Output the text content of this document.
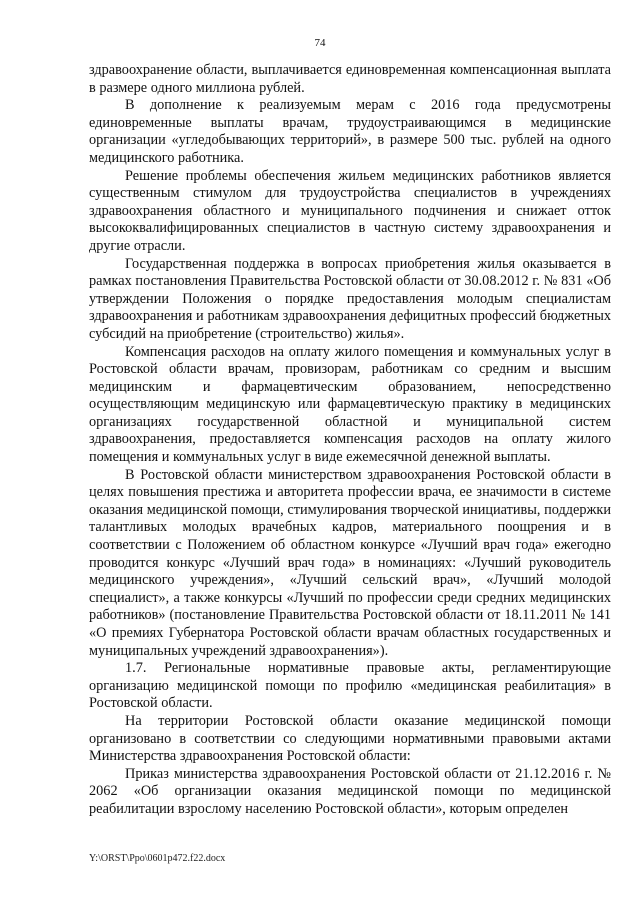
74

здравоохранение области, выплачивается единовременная компенсационная выплата в размере одного миллиона рублей.

В дополнение к реализуемым мерам с 2016 года предусмотрены единовременные выплаты врачам, трудоустраивающимся в медицинские организации «угледобывающих территорий», в размере 500 тыс. рублей на одного медицинского работника.

Решение проблемы обеспечения жильем медицинских работников является существенным стимулом для трудоустройства специалистов в учреждениях здравоохранения областного и муниципального подчинения и снижает отток высококвалифицированных специалистов в частную систему здравоохранения и другие отрасли.

Государственная поддержка в вопросах приобретения жилья оказывается в рамках постановления Правительства Ростовской области от 30.08.2012 г. № 831 «Об утверждении Положения о порядке предоставления молодым специалистам здравоохранения и работникам здравоохранения дефицитных профессий бюджетных субсидий на приобретение (строительство) жилья».

Компенсация расходов на оплату жилого помещения и коммунальных услуг в Ростовской области врачам, провизорам, работникам со средним и высшим медицинским и фармацевтическим образованием, непосредственно осуществляющим медицинскую или фармацевтическую практику в медицинских организациях государственной областной и муниципальной систем здравоохранения, предоставляется компенсация расходов на оплату жилого помещения и коммунальных услуг в виде ежемесячной денежной выплаты.

В Ростовской области министерством здравоохранения Ростовской области в целях повышения престижа и авторитета профессии врача, ее значимости в системе оказания медицинской помощи, стимулирования творческой инициативы, поддержки талантливых молодых врачебных кадров, материального поощрения и в соответствии с Положением об областном конкурсе «Лучший врач года» ежегодно проводится конкурс «Лучший врач года» в номинациях: «Лучший руководитель медицинского учреждения», «Лучший сельский врач», «Лучший молодой специалист», а также конкурсы «Лучший по профессии среди средних медицинских работников» (постановление Правительства Ростовской области от 18.11.2011 № 141 «О премиях Губернатора Ростовской области врачам областных государственных и муниципальных учреждений здравоохранения»).

1.7. Региональные нормативные правовые акты, регламентирующие организацию медицинской помощи по профилю «медицинская реабилитация» в Ростовской области.

На территории Ростовской области оказание медицинской помощи организовано в соответствии со следующими нормативными правовыми актами Министерства здравоохранения Ростовской области:

Приказ министерства здравоохранения Ростовской области от 21.12.2016 г. № 2062 «Об организации оказания медицинской помощи по медицинской реабилитации взрослому населению Ростовской области», которым определен

Y:\ORST\Ppo\0601p472.f22.docx
